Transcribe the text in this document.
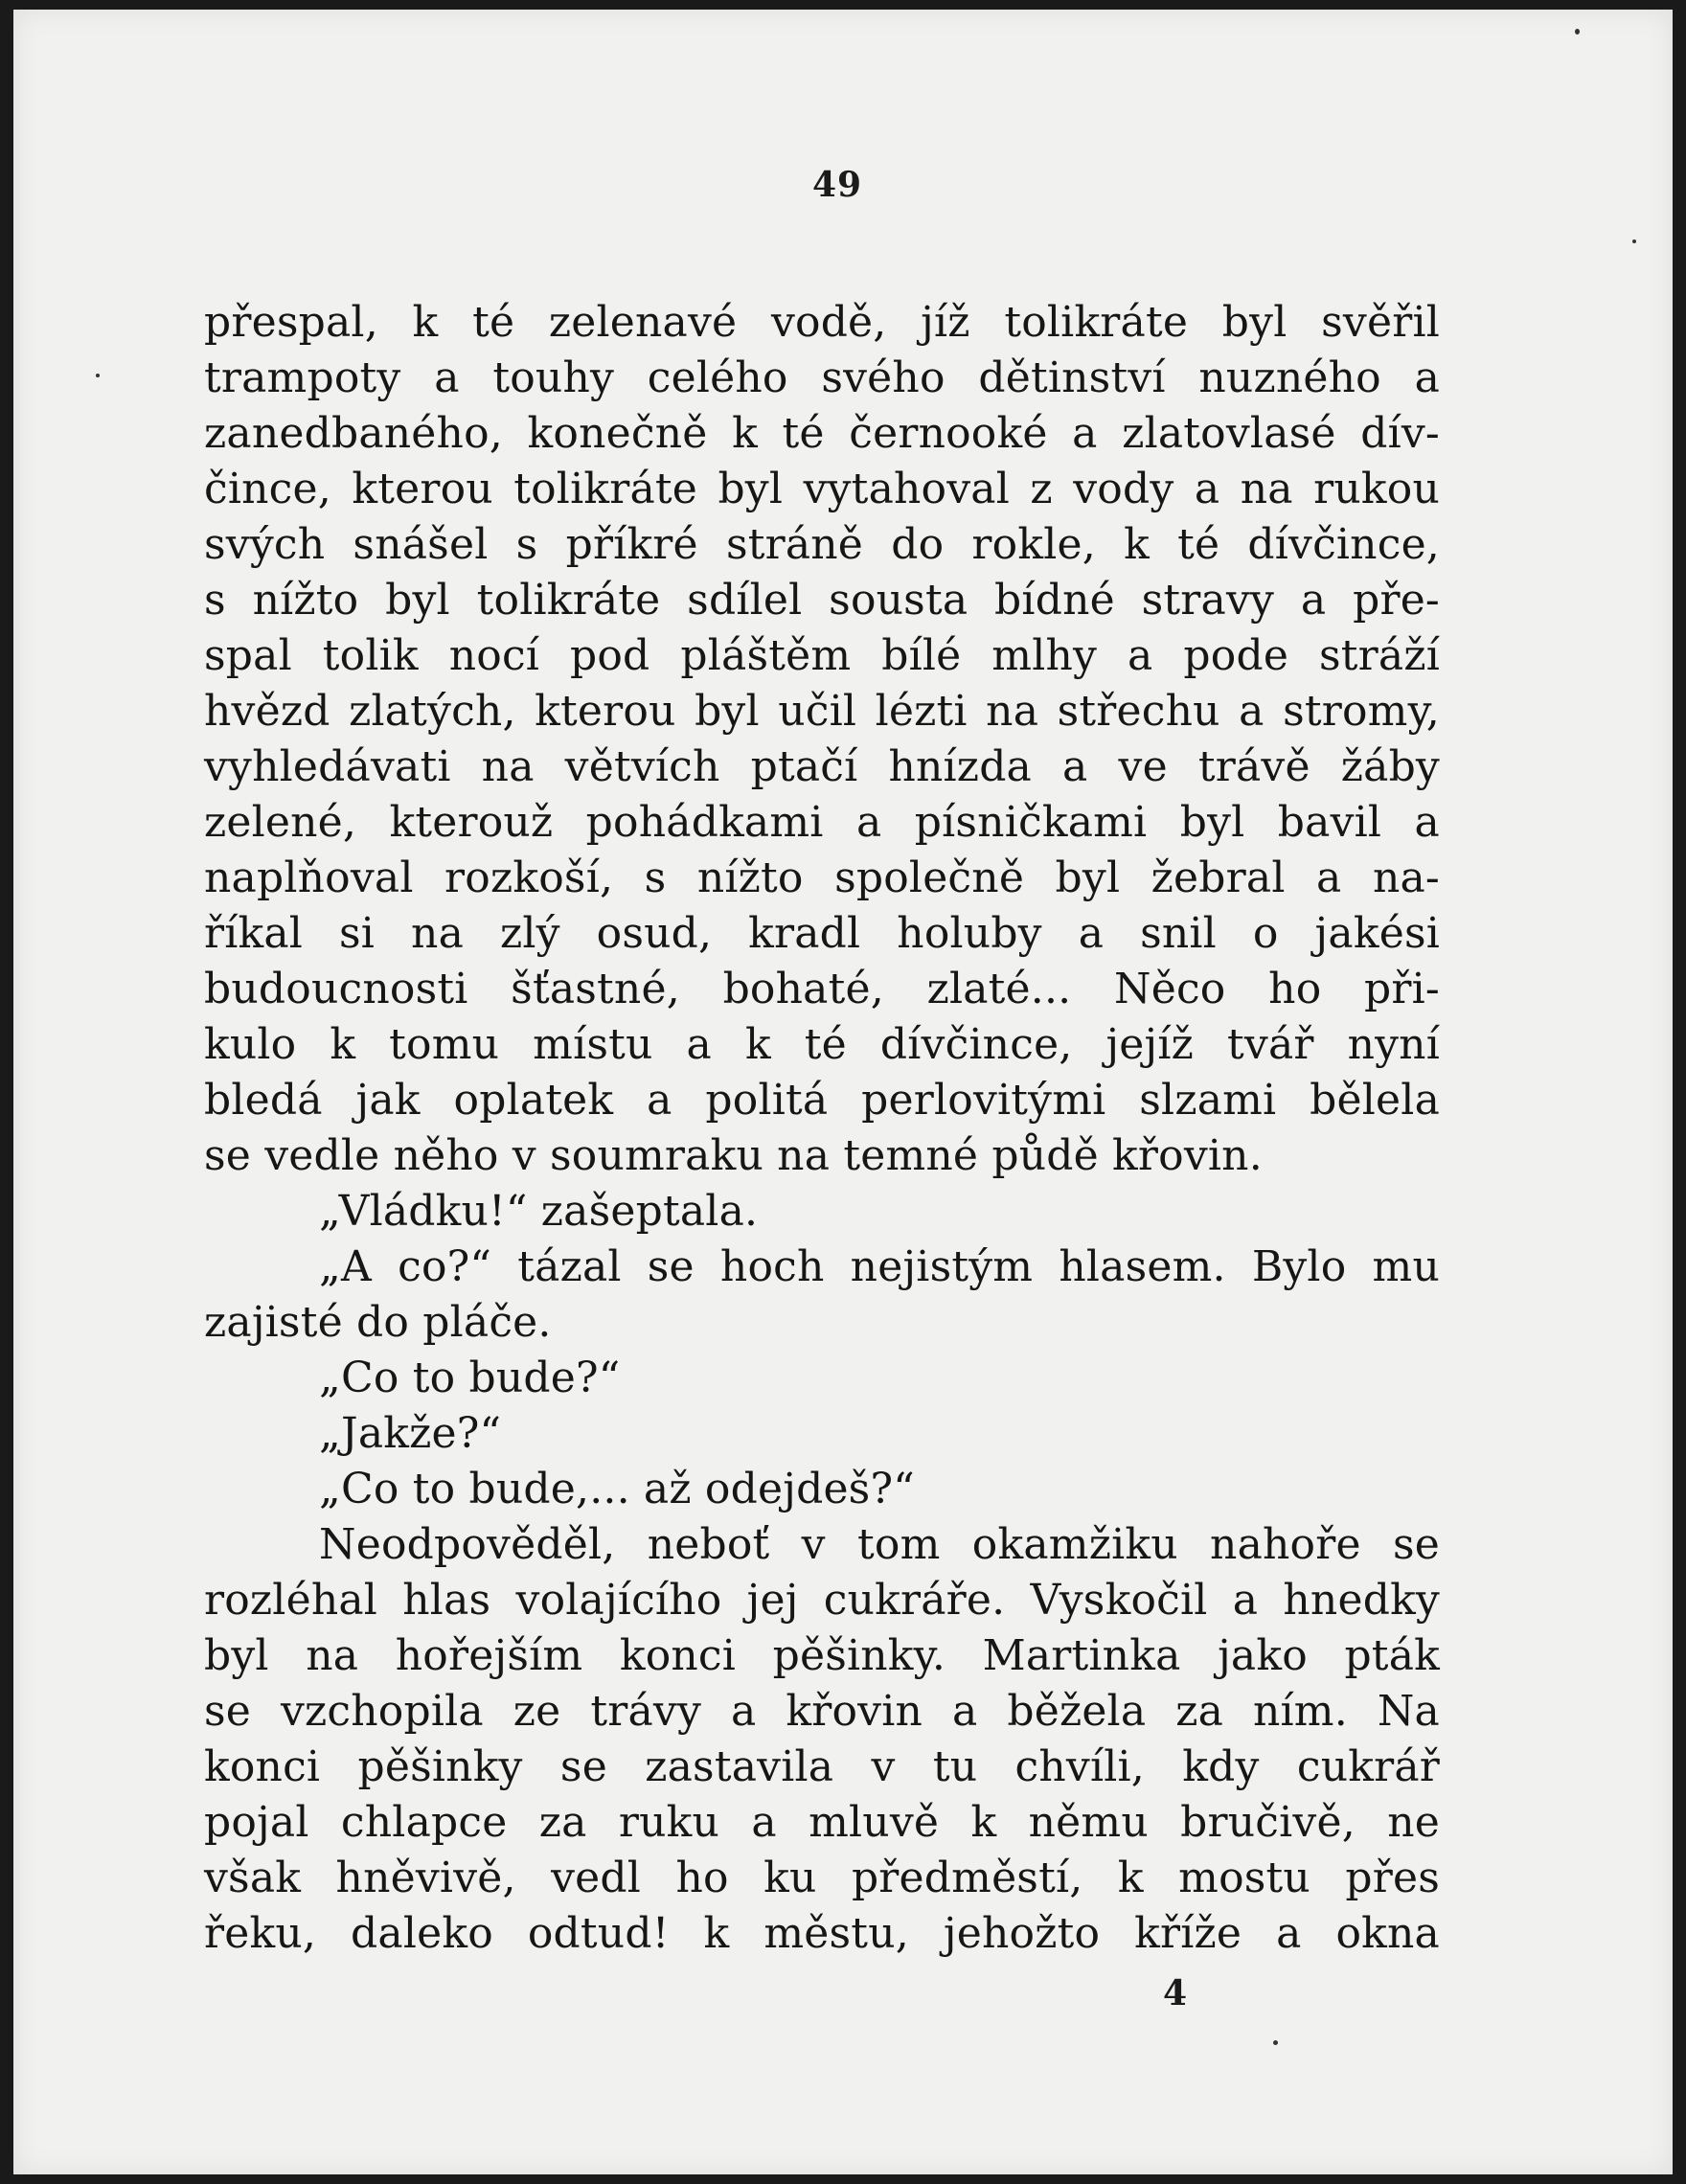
49
přespal, k té zelenavé vodě, jíž tolikráte byl svěřil
trampoty a touhy celého svého dětinství nuzného a
zanedbaného, konečně k té černooké a zlatovlasé dív-
čince, kterou tolikráte byl vytahoval z vody a na rukou
svých snášel s příkré stráně do rokle, k té dívčince,
s nížto byl tolikráte sdílel sousta bídné stravy a pře-
spal tolik nocí pod pláštěm bílé mlhy a pode stráží
hvězd zlatých, kterou byl učil lézti na střechu a stromy,
vyhledávati na větvích ptačí hnízda a ve trávě žáby
zelené, kterouž pohádkami a písničkami byl bavil a
naplňoval rozkoší, s nížto společně byl žebral a na-
říkal si na zlý osud, kradl holuby a snil o jakési
budoucnosti šťastné, bohaté, zlaté... Něco ho při-
kulo k tomu místu a k té dívčince, jejíž tvář nyní
bledá jak oplatek a politá perlovitými slzami bělela
se vedle něho v soumraku na temné půdě křovin.
„Vládku!“ zašeptala.
„A co?“ tázal se hoch nejistým hlasem. Bylo mu
zajisté do pláče.
„Co to bude?“
„Jakže?“
„Co to bude,... až odejdeš?“
Neodpověděl, neboť v tom okamžiku nahoře se
rozléhal hlas volajícího jej cukráře. Vyskočil a hnedky
byl na hořejším konci pěšinky. Martinka jako pták
se vzchopila ze trávy a křovin a běžela za ním. Na
konci pěšinky se zastavila v tu chvíli, kdy cukrář
pojal chlapce za ruku a mluvě k němu bručivě, ne
však hněvivě, vedl ho ku předměstí, k mostu přes
řeku, daleko odtud! k městu, jehožto kříže a okna
4
